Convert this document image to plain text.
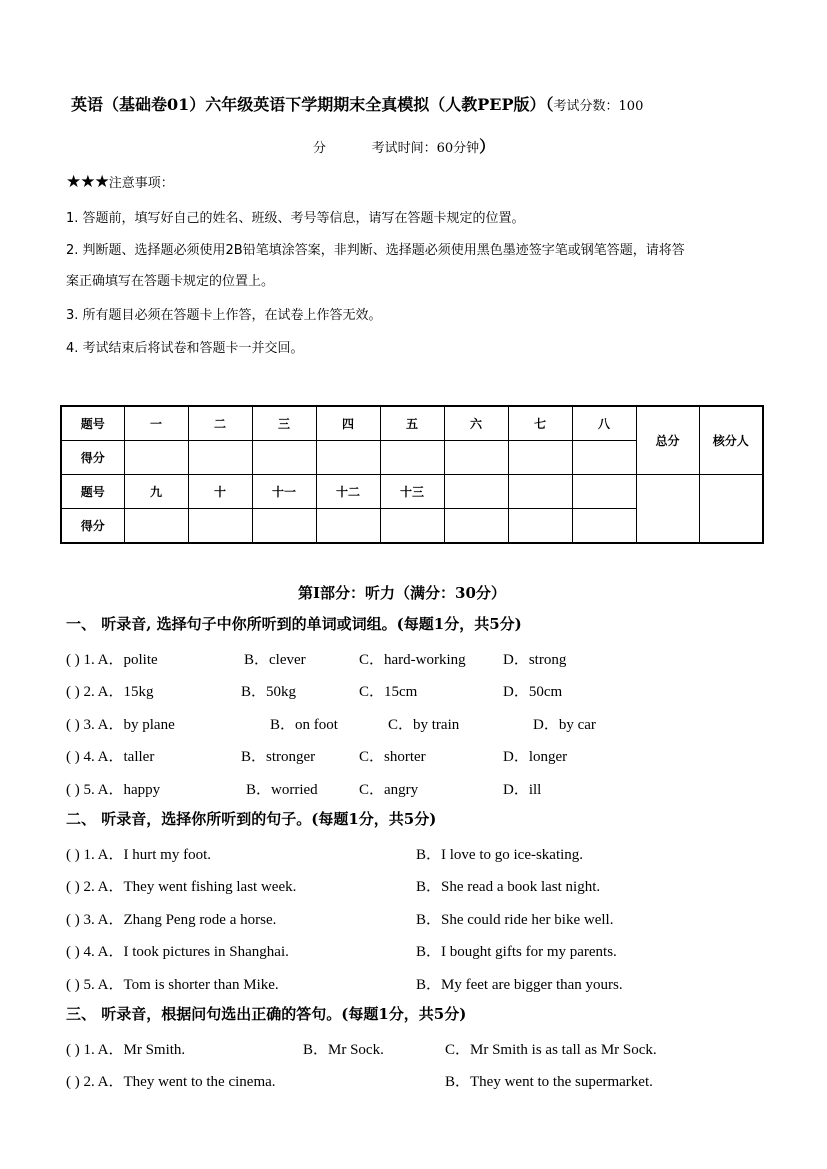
英语（基础卷01）六年级英语下学期期末全真模拟（人教PEP版）（考试分数：100
分	考试时间：60分钟）
★★★注意事项：
1. 答题前，填写好自己的姓名、班级、考号等信息，请写在答题卡规定的位置。
2. 判断题、选择题必须使用2B铅笔填涂答案，非判断、选择题必须使用黑色墨迹签字笔或钢笔答题，请将答
案正确填写在答题卡规定的位置上。
3. 所有题目必须在答题卡上作答，在试卷上作答无效。
4. 考试结束后将试卷和答题卡一并交回。
题号	一	二	三	四	五	六	七	八	总分	核分人
得分										
题号	九	十	十一	十二	十三					
得分										
第I部分：听力（满分：30分）
一、 听录音, 选择句子中你所听到的单词或词组。(每题1分，共5分)
( ) 1. A．polite	B．clever	C．hard-working D．strong
( ) 2. A．15kg	B．50kg	C．15cm	D．50cm
( ) 3. A．by plane	B．on foot	C．by train	D．by car
( ) 4. A．taller	B．stronger	C．shorter	D．longer
( ) 5. A．happy	B．worried	C．angry	D．ill
二、 听录音，选择你所听到的句子。(每题1分，共5分)
( ) 1. A．I hurt my foot.	B．I love to go ice-skating.
( ) 2. A．They went fishing last week.	B．She read a book last night.
( ) 3. A．Zhang Peng rode a horse.	B．She could ride her bike well.
( ) 4. A．I took pictures in Shanghai.	B．I bought gifts for my parents.
( ) 5. A．Tom is shorter than Mike.	B．My feet are bigger than yours.
三、 听录音，根据问句选出正确的答句。(每题1分，共5分)
( ) 1. A．Mr Smith.	B．Mr Sock.	C．Mr Smith is as tall as Mr Sock.
( ) 2. A．They went to the cinema.	B．They went to the supermarket.
